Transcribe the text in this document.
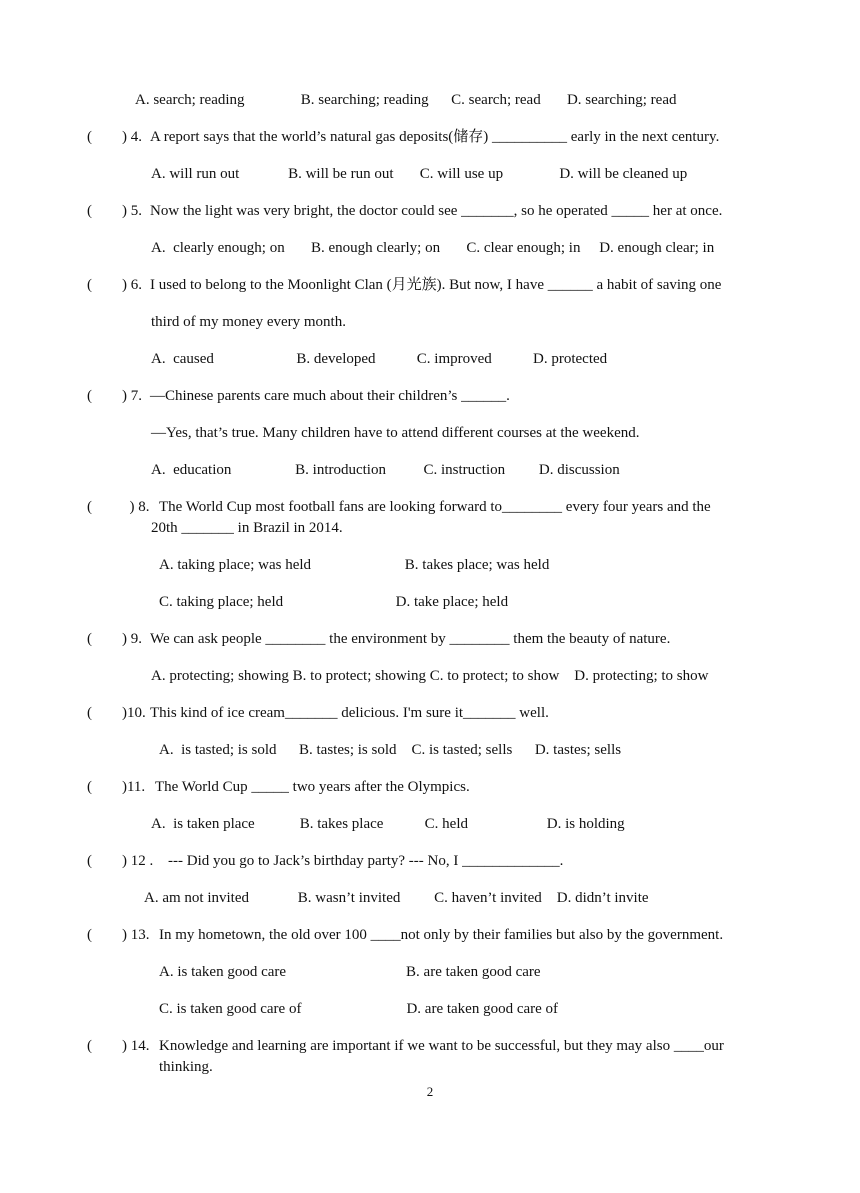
A. search; reading               B. searching; reading      C. search; read       D. searching; read
(        ) 4. A report says that the world’s natural gas deposits(储存) __________ early in the next century.
A. will run out             B. will be run out       C. will use up               D. will be cleaned up
(        ) 5. Now the light was very bright, the doctor could see _______, so he operated _____ her at once.
A.  clearly enough; on       B. enough clearly; on       C. clear enough; in     D. enough clear; in
(        ) 6. I used to belong to the Moonlight Clan (月光族). But now, I have ______ a habit of saving one
third of my money every month.
A.  caused                      B. developed           C. improved           D. protected
(        ) 7. —Chinese parents care much about their children’s ______.
—Yes, that’s true. Many children have to attend different courses at the weekend.
A.  education                 B. introduction          C. instruction         D. discussion
(          ) 8. The World Cup most football fans are looking forward to________ every four years and the
20th _______ in Brazil in 2014.
A. taking place; was held                         B. takes place; was held
C. taking place; held                              D. take place; held
(        ) 9. We can ask people ________ the environment by ________ them the beauty of nature.
A. protecting; showing B. to protect; showing C. to protect; to show    D. protecting; to show
(        )10. This kind of ice cream_______ delicious. I'm sure it_______ well.
A.  is tasted; is sold      B. tastes; is sold    C. is tasted; sells      D. tastes; sells
(        )11. The World Cup _____ two years after the Olympics.
A.  is taken place            B. takes place           C. held                     D. is holding
(        ) 12 . --- Did you go to Jack’s birthday party? --- No, I _____________.
A. am not invited             B. wasn’t invited         C. haven’t invited    D. didn’t invite
(        ) 13. In my hometown, the old over 100 ____not only by their families but also by the government.
A. is taken good care                                B. are taken good care
C. is taken good care of                            D. are taken good care of
(        ) 14. Knowledge and learning are important if we want to be successful, but they may also ____our
thinking.
2
